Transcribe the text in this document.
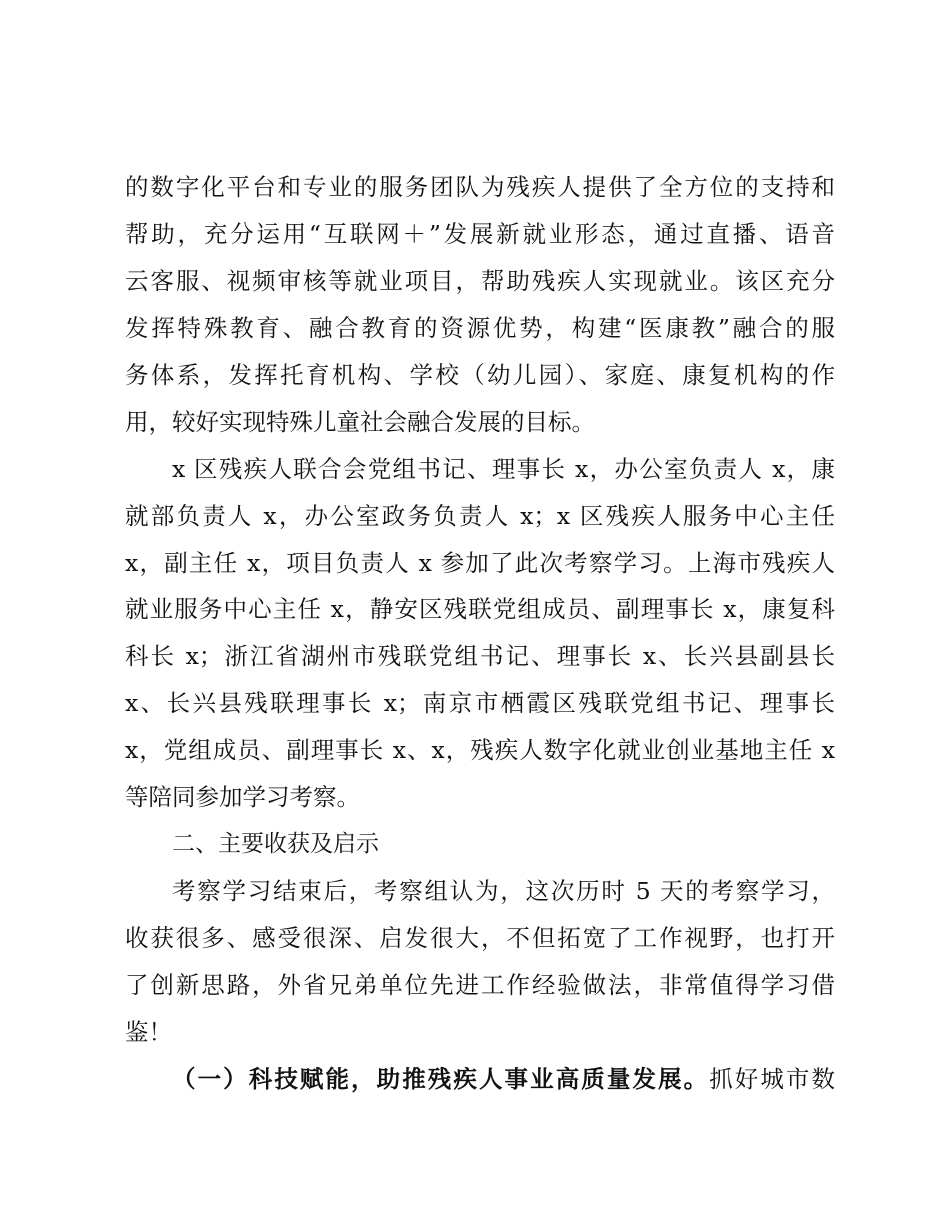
的数字化平台和专业的服务团队为残疾人提供了全方位的支持和
帮助，充分运用“互联网＋”发展新就业形态，通过直播、语音
云客服、视频审核等就业项目，帮助残疾人实现就业。该区充分
发挥特殊教育、融合教育的资源优势，构建“医康教”融合的服
务体系，发挥托育机构、学校（幼儿园）、家庭、康复机构的作
用，较好实现特殊儿童社会融合发展的目标。
x 区残疾人联合会党组书记、理事长 x，办公室负责人 x，康
就部负责人 x，办公室政务负责人 x；x 区残疾人服务中心主任
x，副主任 x，项目负责人 x 参加了此次考察学习。上海市残疾人
就业服务中心主任 x，静安区残联党组成员、副理事长 x，康复科
科长 x；浙江省湖州市残联党组书记、理事长 x、长兴县副县长
x、长兴县残联理事长 x；南京市栖霞区残联党组书记、理事长
x，党组成员、副理事长 x、x，残疾人数字化就业创业基地主任 x
等陪同参加学习考察。
二、主要收获及启示
考察学习结束后，考察组认为，这次历时 5 天的考察学习，
收获很多、感受很深、启发很大，不但拓宽了工作视野，也打开
了创新思路，外省兄弟单位先进工作经验做法，非常值得学习借
鉴！
（一）科技赋能，助推残疾人事业高质量发展。抓好城市数
